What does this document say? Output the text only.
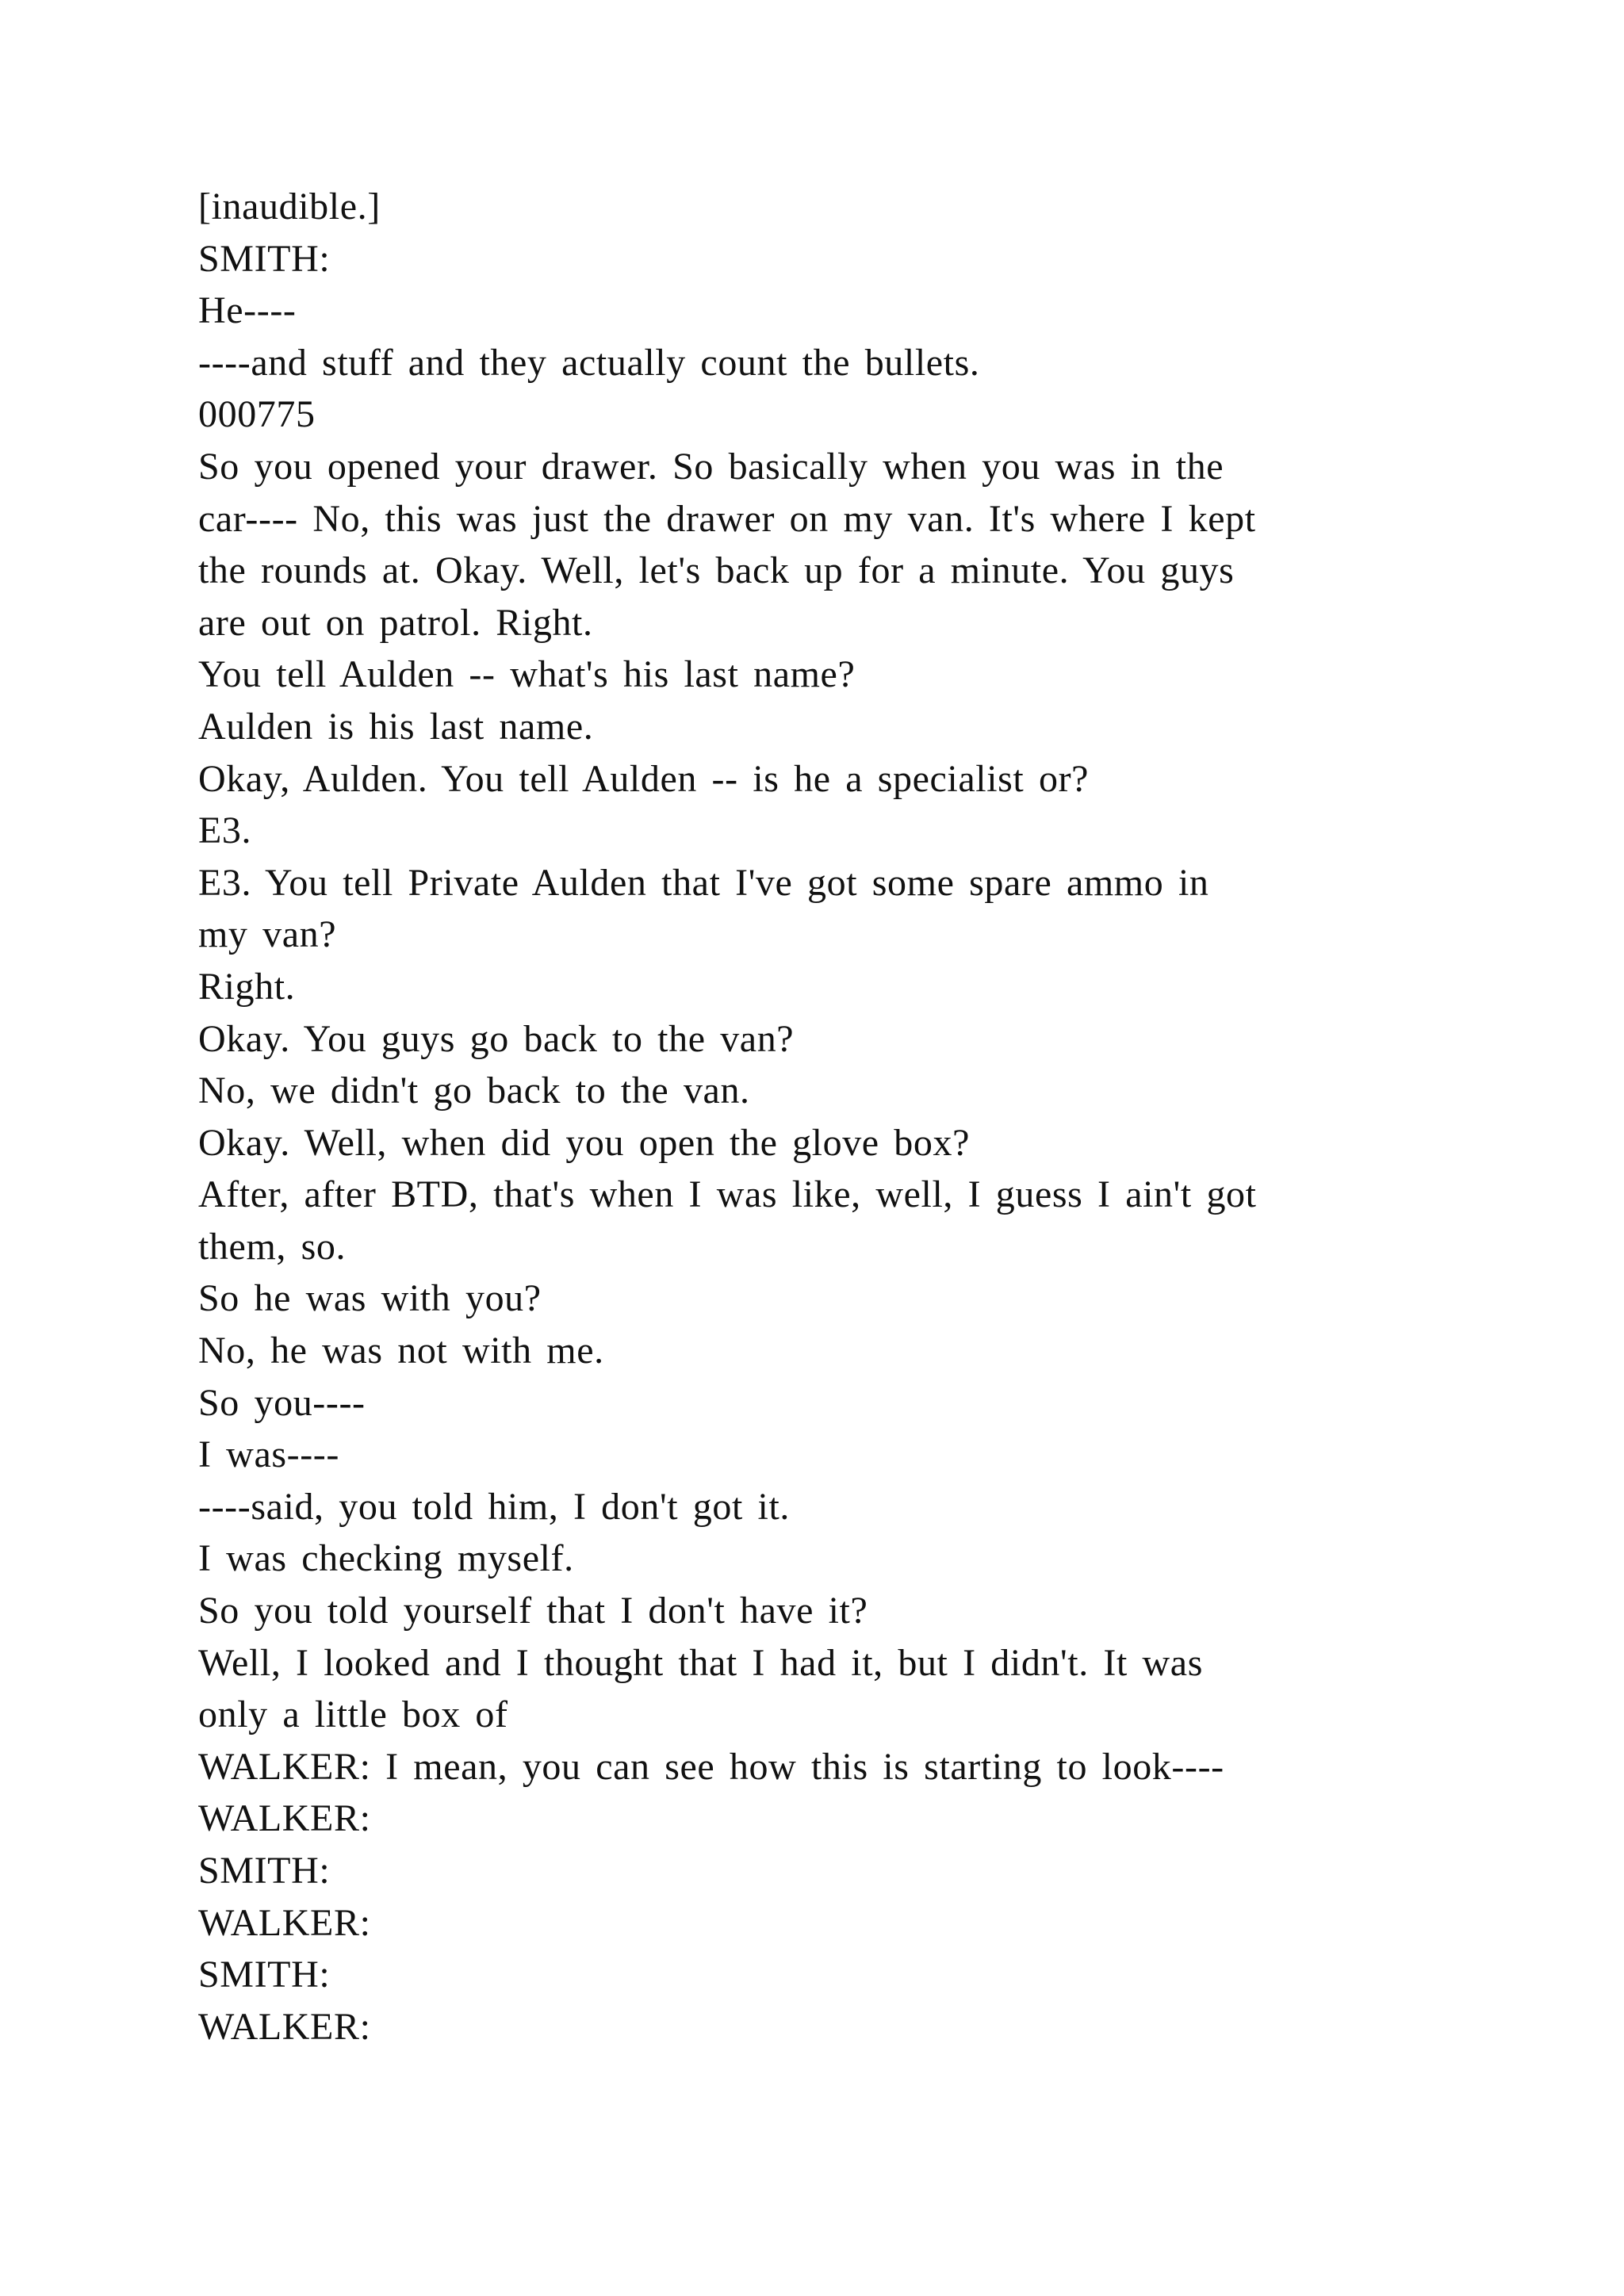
[inaudible.]
SMITH:
He----
----and stuff and they actually count the bullets.
000775
So you opened your drawer. So basically when you was in the
car---- No, this was just the drawer on my van. It's where I kept
the rounds at. Okay. Well, let's back up for a minute. You guys
are out on patrol. Right.
You tell Aulden -- what's his last name?
Aulden is his last name.
Okay, Aulden. You tell Aulden -- is he a specialist or?
E3.
E3. You tell Private Aulden that I've got some spare ammo in
my van?
Right.
Okay. You guys go back to the van?
No, we didn't go back to the van.
Okay. Well, when did you open the glove box?
After, after BTD, that's when I was like, well, I guess I ain't got
them, so.
So he was with you?
No, he was not with me.
So you----
I was----
----said, you told him, I don't got it.
I was checking myself.
So you told yourself that I don't have it?
Well, I looked and I thought that I had it, but I didn't. It was
only a little box of
WALKER: I mean, you can see how this is starting to look----
WALKER:
SMITH:
WALKER:
SMITH:
WALKER:
